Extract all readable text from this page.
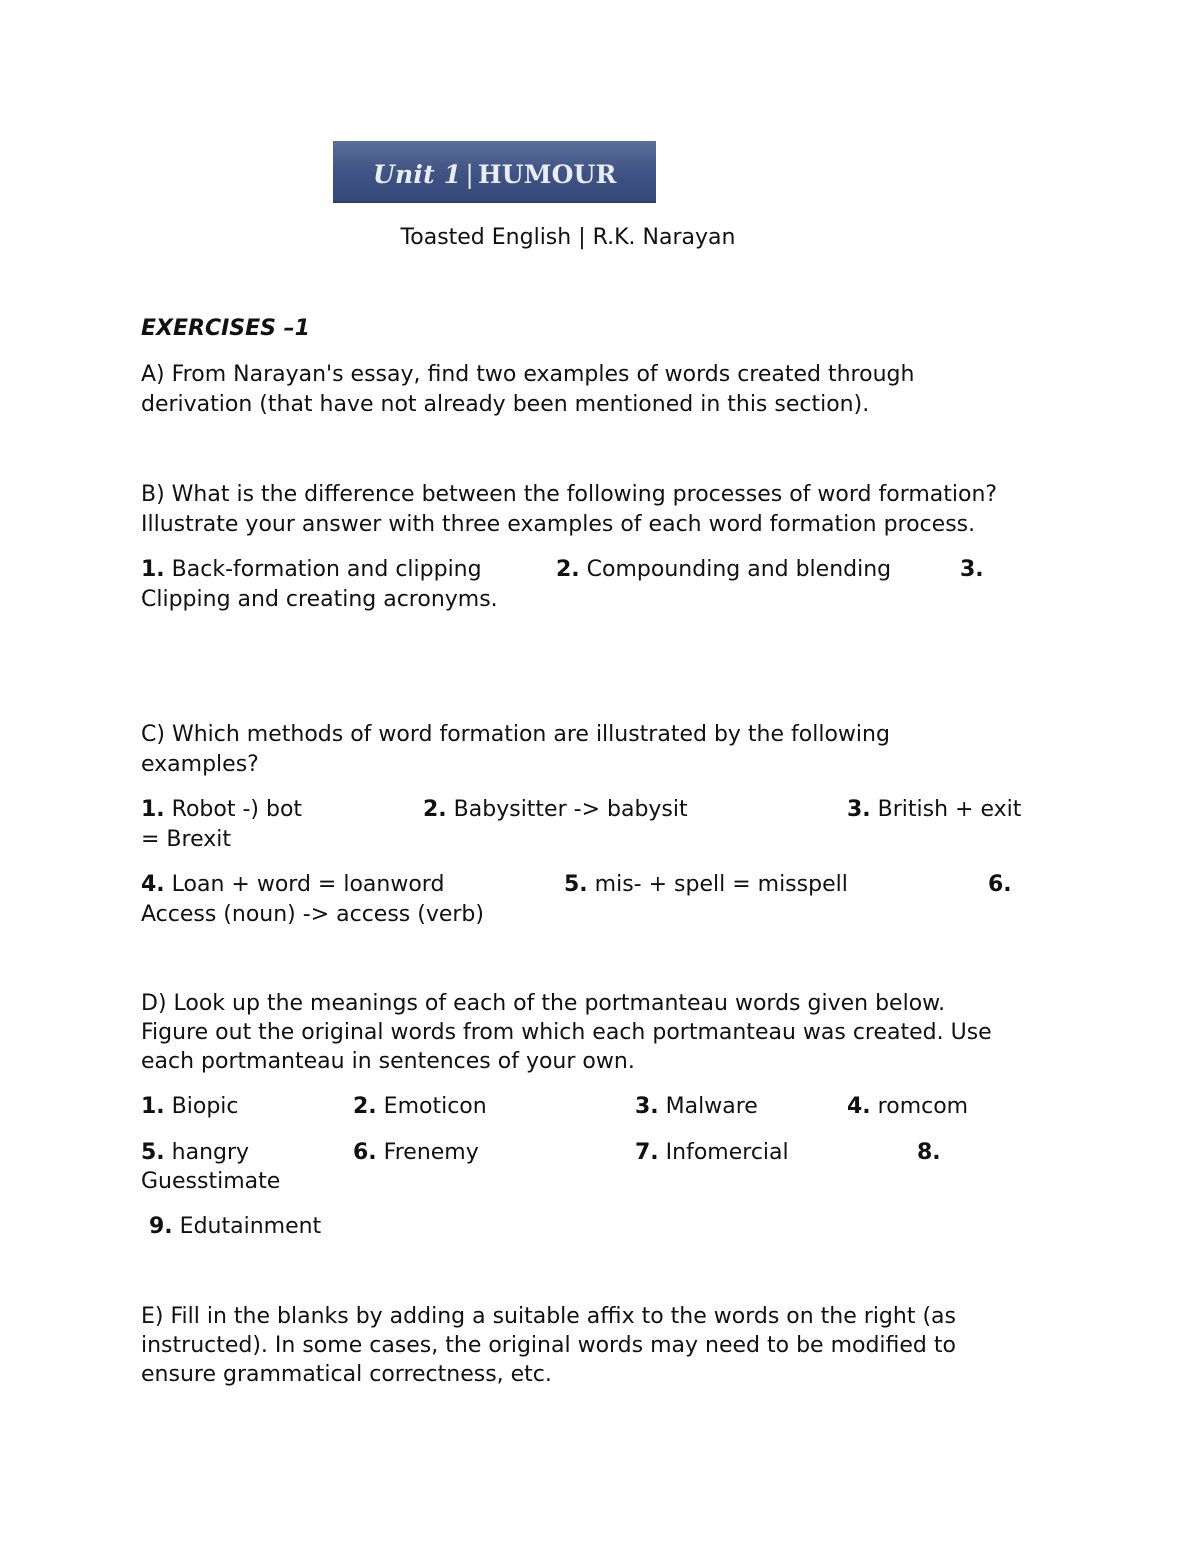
Unit 1 | HUMOUR
Toasted English | R.K. Narayan
EXERCISES –1
A) From Narayan's essay, find two examples of words created through
derivation (that have not already been mentioned in this section).
B) What is the difference between the following processes of word formation?
Illustrate your answer with three examples of each word formation process.
1. Back-formation and clipping	2. Compounding and blending	3.
Clipping and creating acronyms.
C) Which methods of word formation are illustrated by the following
examples?
1. Robot -) bot	2. Babysitter -> babysit	3. British + exit
= Brexit
4. Loan + word = loanword	5. mis- + spell = misspell	6.
Access (noun) -> access (verb)
D) Look up the meanings of each of the portmanteau words given below.
Figure out the original words from which each portmanteau was created. Use
each portmanteau in sentences of your own.
1. Biopic	2. Emoticon	3. Malware	4. romcom
5. hangry	6. Frenemy	7. Infomercial	8.
Guesstimate
9. Edutainment
E) Fill in the blanks by adding a suitable affix to the words on the right (as
instructed). In some cases, the original words may need to be modified to
ensure grammatical correctness, etc.
